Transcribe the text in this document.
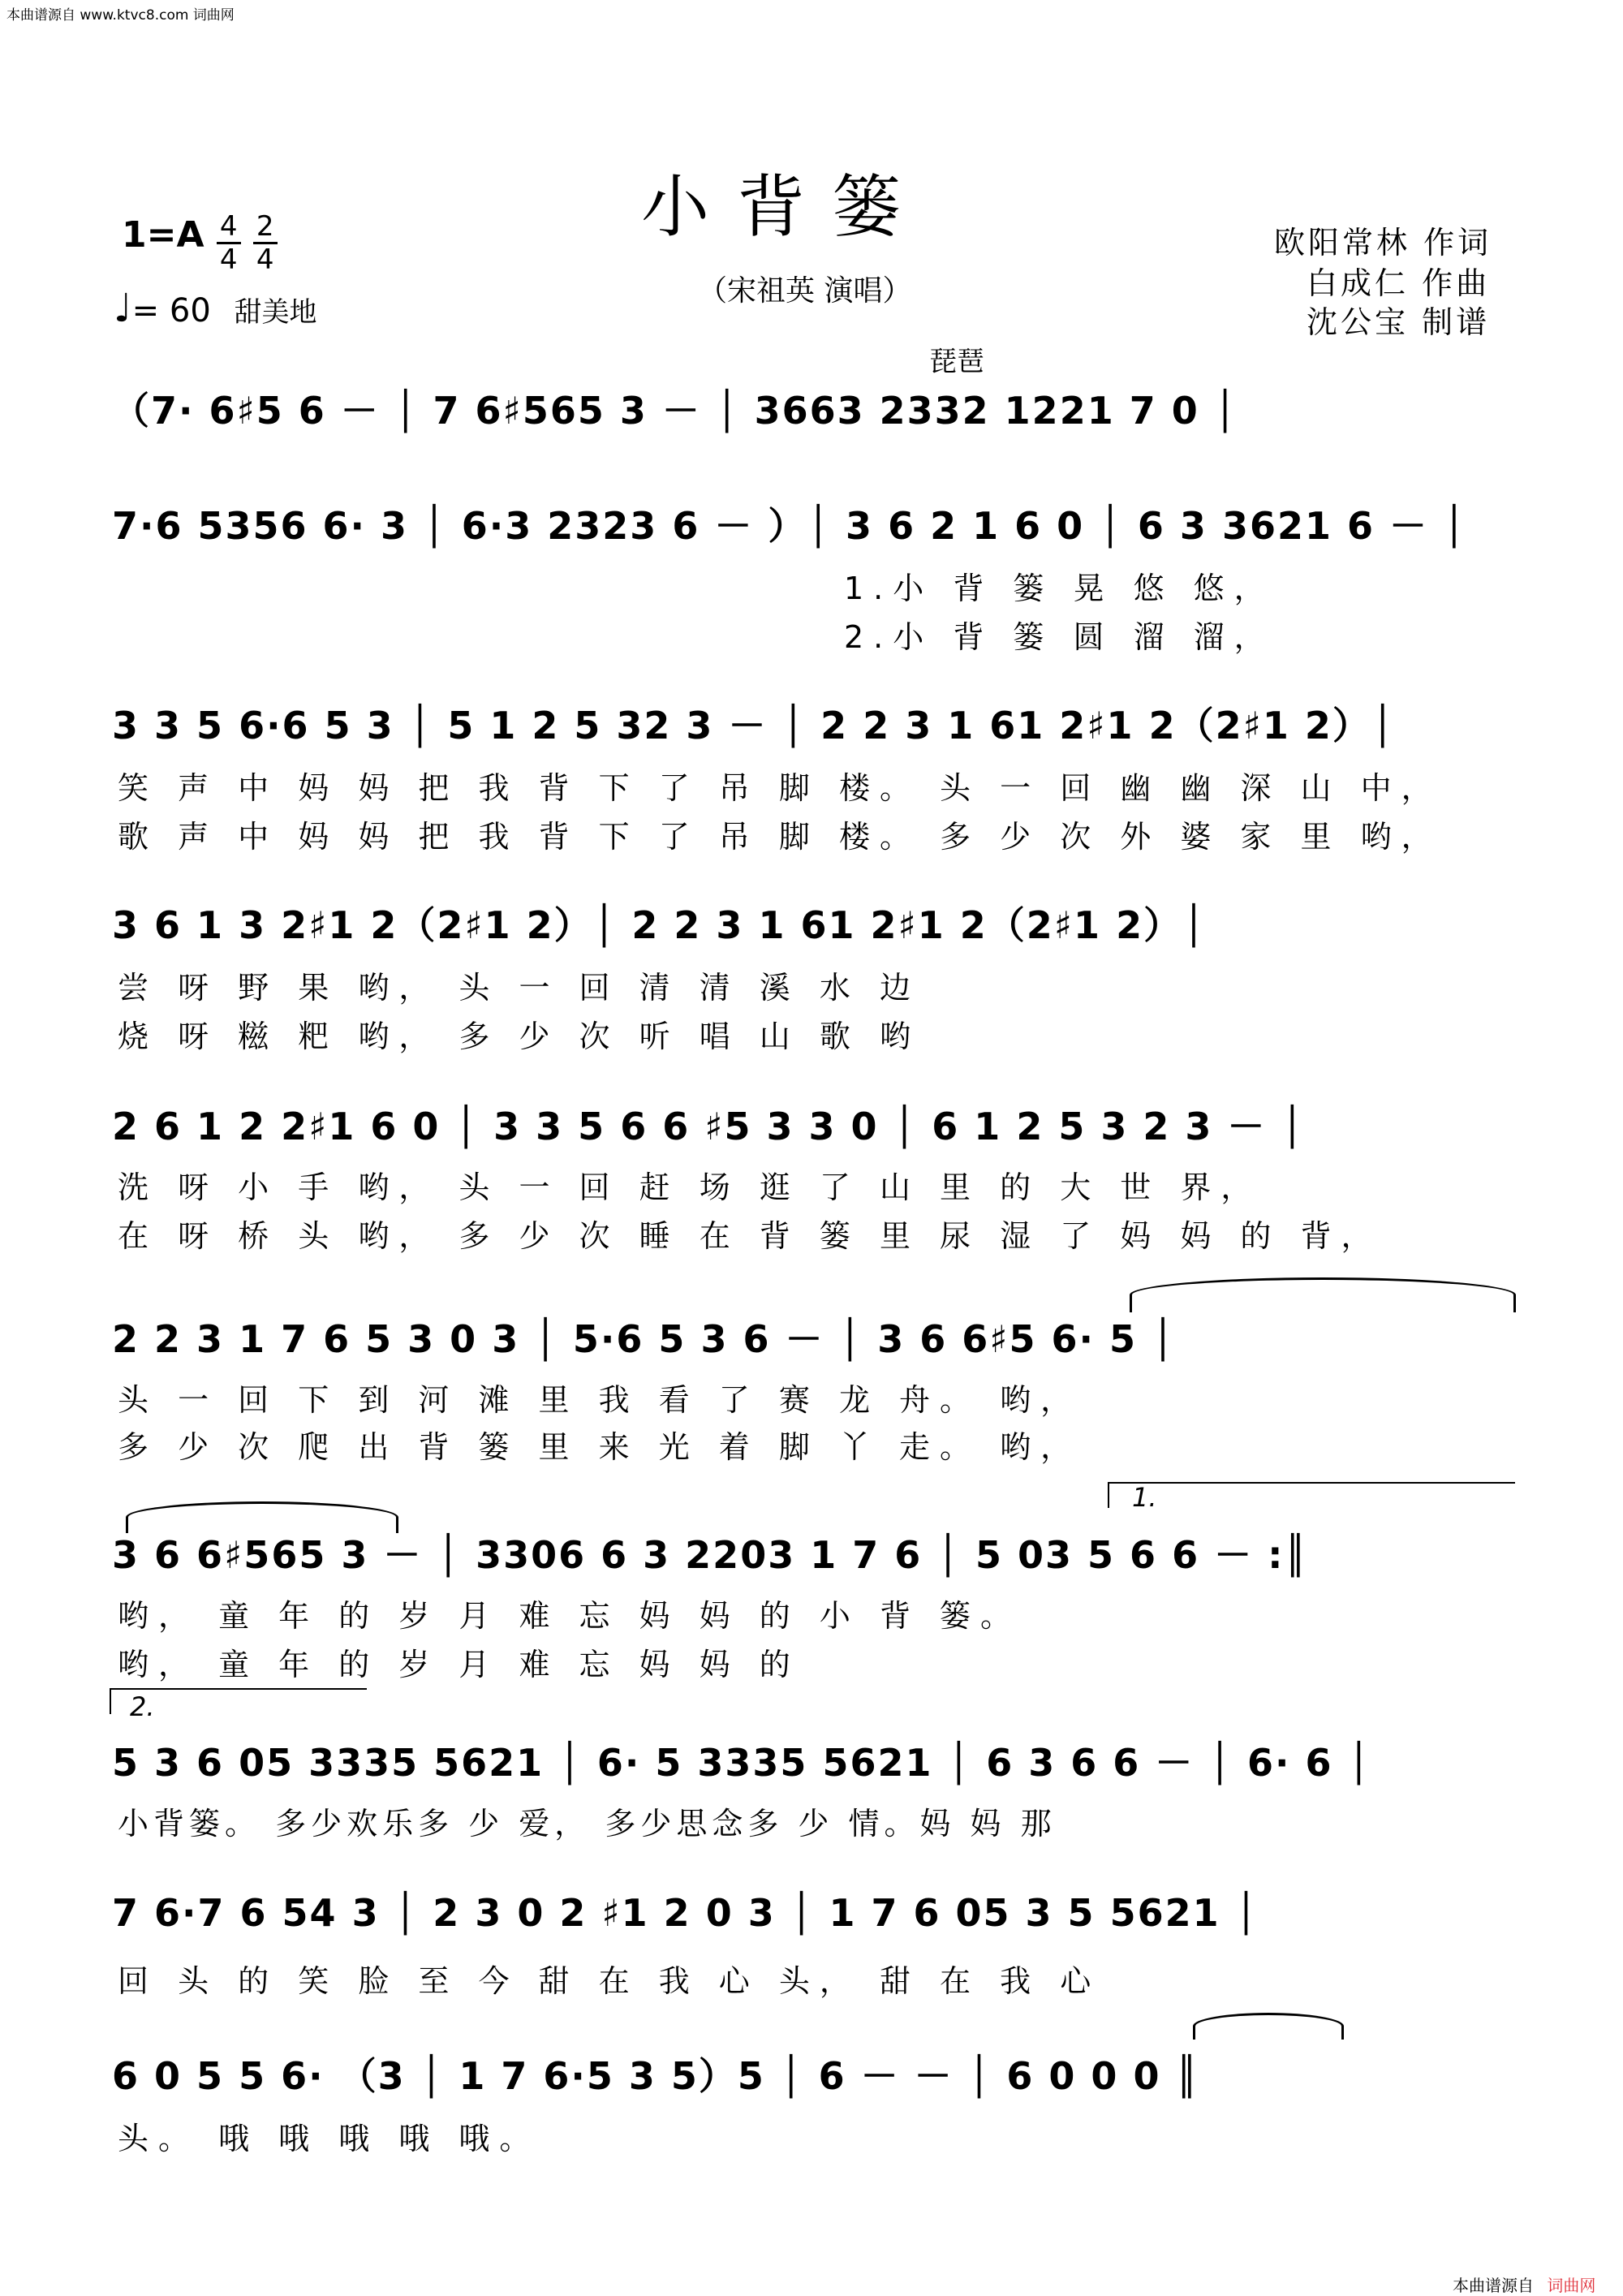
本曲谱源自 www.ktvc8.com 词曲网
小背篓
$1=A \frac{4}{4}$
$\frac{2}{4}$
♩= 60 甜美地
（宋祖英 演唱）
欧阳常林 作词
白成仁 作曲
沈公宝 制谱
琵琶
（7· 6♯5 6 － │ 7 6♯565 3 － │ 3663 2332 1221 7 0 │
7·6 5356 6· 3 │ 6·3 2323 6 － ）│ 3 6 2 1 6 0 │ 6 3 3621 6 － │
1.小 背 篓 晃 悠 悠，
2.小 背 篓 圆 溜 溜，
3 3 5 6·6 5 3 │ 5 1 2 5 32 3 － │ 2 2 3 1 61 2♯1 2（2♯1 2）│
笑 声 中 妈 妈 把 我 背 下 了 吊 脚 楼。 头 一 回 幽 幽 深 山 中，
歌 声 中 妈 妈 把 我 背 下 了 吊 脚 楼。 多 少 次 外 婆 家 里 哟，
3 6 1 3 2♯1 2（2♯1 2）│ 2 2 3 1 61 2♯1 2（2♯1 2）│
尝 呀 野 果 哟， 头 一 回 清 清 溪 水 边
烧 呀 糍 粑 哟， 多 少 次 听 唱 山 歌 哟
2 6 1 2 2♯1 6 0 │ 3 3 5 6 6 ♯5 3 3 0 │ 6 1 2 5 3 2 3 － │
洗 呀 小 手 哟， 头 一 回 赶 场 逛 了 山 里 的 大 世 界，
在 呀 桥 头 哟， 多 少 次 睡 在 背 篓 里 尿 湿 了 妈 妈 的 背，
2 2 3 1 7 6 5 3 0 3 │ 5·6 5 3 6 － │ 3 6 6♯5 6· 5 │
头 一 回 下 到 河 滩 里 我 看 了 赛 龙 舟。 哟，
多 少 次 爬 出 背 篓 里 来 光 着 脚 丫 走。 哟，
1.
3 6 6♯565 3 － │ 3306 6 3 2203 1 7 6 │ 5 03 5 6 6 － :║
哟， 童 年 的 岁 月 难 忘 妈 妈 的 小 背 篓。
哟， 童 年 的 岁 月 难 忘 妈 妈 的
2.
5 3 6 05 3335 5621 │ 6· 5 3335 5621 │ 6 3 6 6 － │ 6· 6 │
小背篓。 多少欢乐多 少 爱， 多少思念多 少 情。妈 妈 那
7 6·7 6 54 3 │ 2 3 0 2 ♯1 2 0 3 │ 1 7 6 05 3 5 5621 │
回 头 的 笑 脸 至 今 甜 在 我 心 头， 甜 在 我 心
6 0 5 5 6· （3 │ 1 7 6·5 3 5）5 │ 6 － － │ 6 0 0 0 ║
头。 哦 哦 哦 哦 哦。
本曲谱源自 词曲网
